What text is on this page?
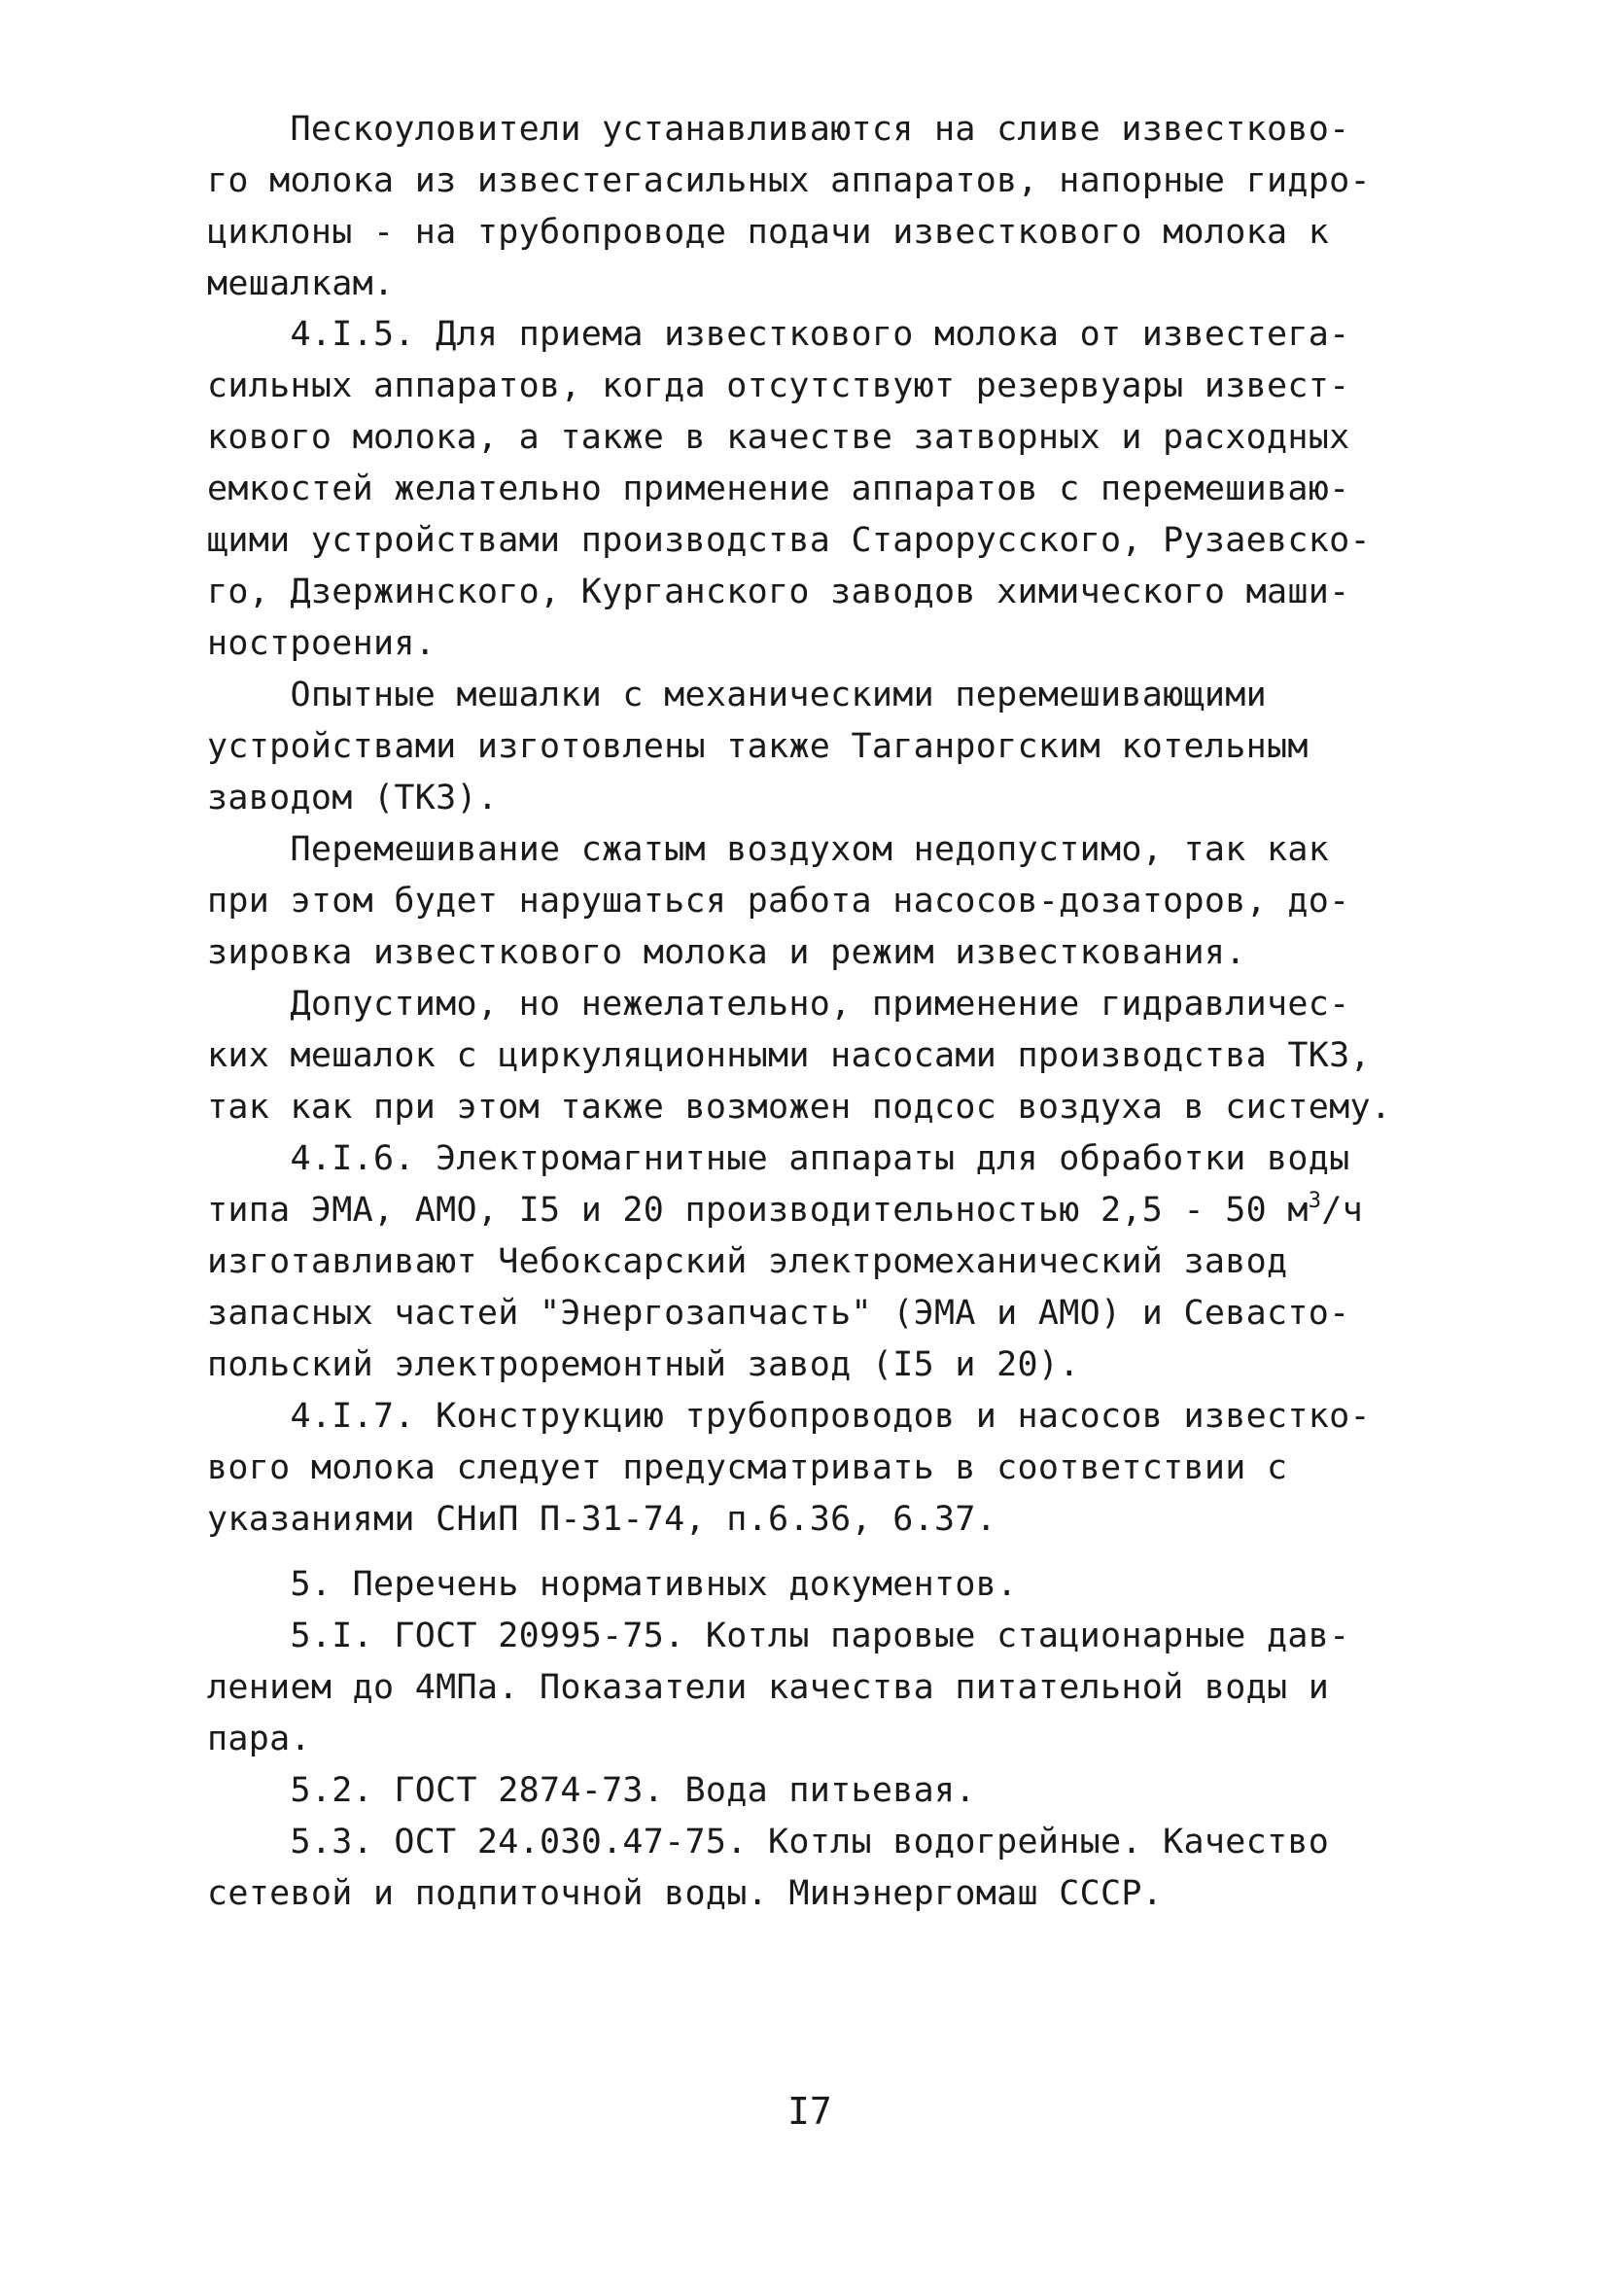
Пескоуловители устанавливаются на сливе известково-
го молока из известегасильных аппаратов, напорные гидро-
циклоны - на трубопроводе подачи известкового молока к
мешалкам.
4.I.5. Для приема известкового молока от известега-
сильных аппаратов, когда отсутствуют резервуары извест-
кового молока, а также в качестве затворных и расходных
емкостей желательно применение аппаратов с перемешиваю-
щими устройствами производства Старорусского, Рузаевско-
го, Дзержинского, Курганского заводов химического маши-
ностроения.
Опытные мешалки с механическими перемешивающими
устройствами изготовлены также Таганрогским котельным
заводом (ТКЗ).
Перемешивание сжатым воздухом недопустимо, так как
при этом будет нарушаться работа насосов-дозаторов, до-
зировка известкового молока и режим известкования.
Допустимо, но нежелательно, применение гидравличес-
ких мешалок с циркуляционными насосами производства ТКЗ,
так как при этом также возможен подсос воздуха в систему.
4.I.6. Электромагнитные аппараты для обработки воды
типа ЭМА, АМО, I5 и 20 производительностью 2,5 - 50 $м^3/ч$
изготавливают Чебоксарский электромеханический завод
запасных частей "Энергозапчасть" (ЭМА и АМО) и Севасто-
польский электроремонтный завод (I5 и 20).
4.I.7. Конструкцию трубопроводов и насосов известко-
вого молока следует предусматривать в соответствии с
указаниями СНиП П-31-74, п.6.36, 6.37.
5. Перечень нормативных документов.
5.I. ГОСТ 20995-75. Котлы паровые стационарные дав-
лением до 4МПа. Показатели качества питательной воды и
пара.
5.2. ГОСТ 2874-73. Вода питьевая.
5.3. ОСТ 24.030.47-75. Котлы водогрейные. Качество
сетевой и подпиточной воды. Минэнергомаш СССР.
I7
